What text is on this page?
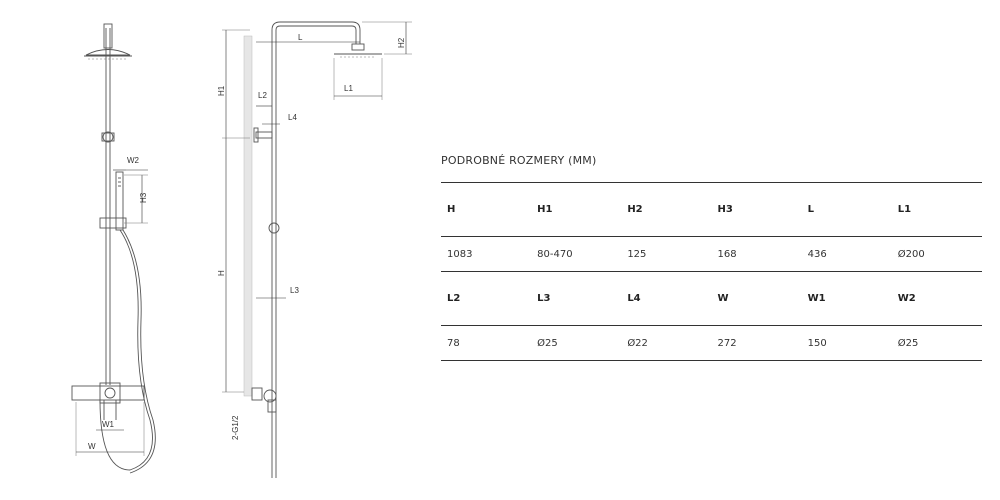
W2
H3
W1
W
H1
H
L
H2
L1
L2
L4
L3
2-G1/2
PODROBNÉ ROZMERY (MM)
H	H1	H2	H3	L	L1
1083	80-470	125	168	436	Ø200
L2	L3	L4	W	W1	W2
78	Ø25	Ø22	272	150	Ø25
